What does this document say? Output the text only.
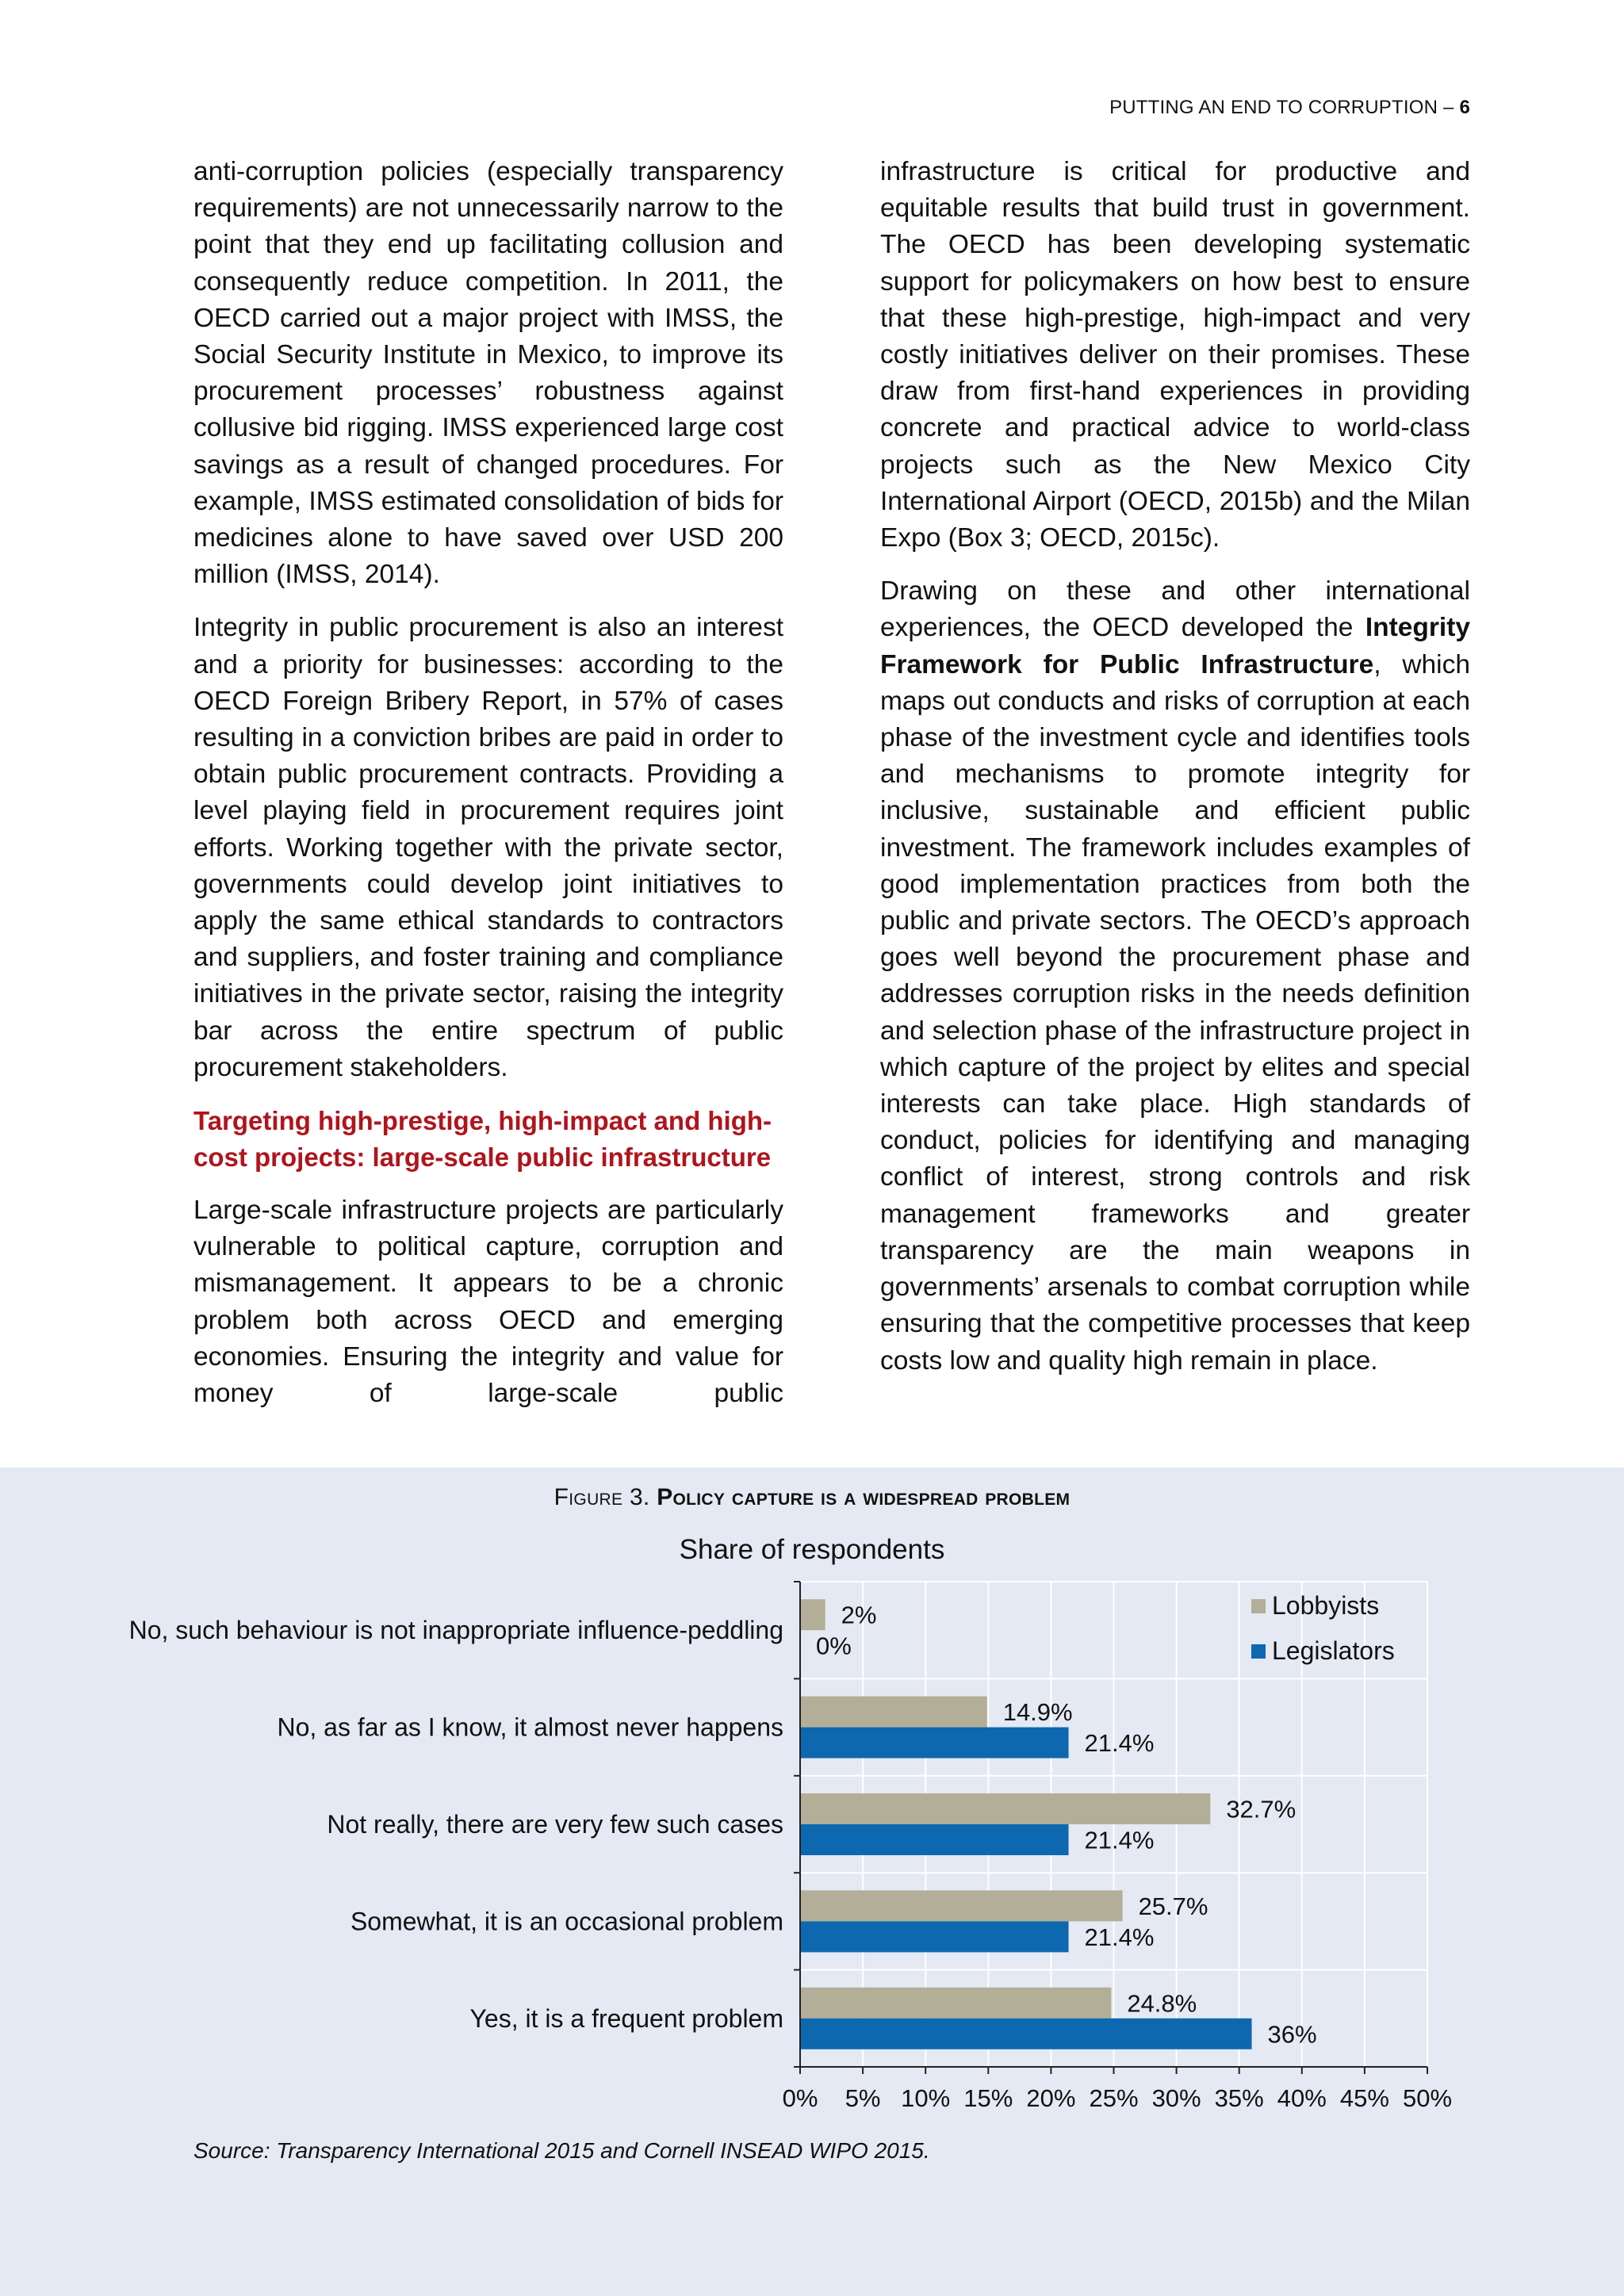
PUTTING AN END TO CORRUPTION – 6

anti-corruption policies (especially transparency requirements) are not unnecessarily narrow to the point that they end up facilitating collusion and consequently reduce competition. In 2011, the OECD carried out a major project with IMSS, the Social Security Institute in Mexico, to improve its procurement processes’ robustness against collusive bid rigging. IMSS experienced large cost savings as a result of changed procedures. For example, IMSS estimated consolidation of bids for medicines alone to have saved over USD 200 million (IMSS, 2014).

Integrity in public procurement is also an interest and a priority for businesses: according to the OECD Foreign Bribery Report, in 57% of cases resulting in a conviction bribes are paid in order to obtain public procurement contracts. Providing a level playing field in procurement requires joint efforts. Working together with the private sector, governments could develop joint initiatives to apply the same ethical standards to contractors and suppliers, and foster training and compliance initiatives in the private sector, raising the integrity bar across the entire spectrum of public procurement stakeholders.

Targeting high-prestige, high-impact and high-cost projects: large-scale public infrastructure

Large-scale infrastructure projects are particularly vulnerable to political capture, corruption and mismanagement. It appears to be a chronic problem both across OECD and emerging economies. Ensuring the integrity and value for money of large-scale public

infrastructure is critical for productive and equitable results that build trust in government. The OECD has been developing systematic support for policymakers on how best to ensure that these high-prestige, high-impact and very costly initiatives deliver on their promises. These draw from first-hand experiences in providing concrete and practical advice to world-class projects such as the New Mexico City International Airport (OECD, 2015b) and the Milan Expo (Box 3; OECD, 2015c).

Drawing on these and other international experiences, the OECD developed the Integrity Framework for Public Infrastructure, which maps out conducts and risks of corruption at each phase of the investment cycle and identifies tools and mechanisms to promote integrity for inclusive, sustainable and efficient public investment. The framework includes examples of good implementation practices from both the public and private sectors. The OECD’s approach goes well beyond the procurement phase and addresses corruption risks in the needs definition and selection phase of the infrastructure project in which capture of the project by elites and special interests can take place. High standards of conduct, policies for identifying and managing conflict of interest, strong controls and risk management frameworks and greater transparency are the main weapons in governments’ arsenals to combat corruption while ensuring that the competitive processes that keep costs low and quality high remain in place.

Figure 3. Policy capture is a widespread problem
Share of respondents
2%
0%
No, such behaviour is not inappropriate influence-peddling
14.9%
21.4%
No, as far as I know, it almost never happens
32.7%
21.4%
Not really, there are very few such cases
25.7%
21.4%
Somewhat, it is an occasional problem
24.8%
36%
Yes, it is a frequent problem
0% 5% 10% 15% 20% 25% 30% 35% 40% 45% 50%
Lobbyists
Legislators
Source: Transparency International 2015 and Cornell INSEAD WIPO 2015.
